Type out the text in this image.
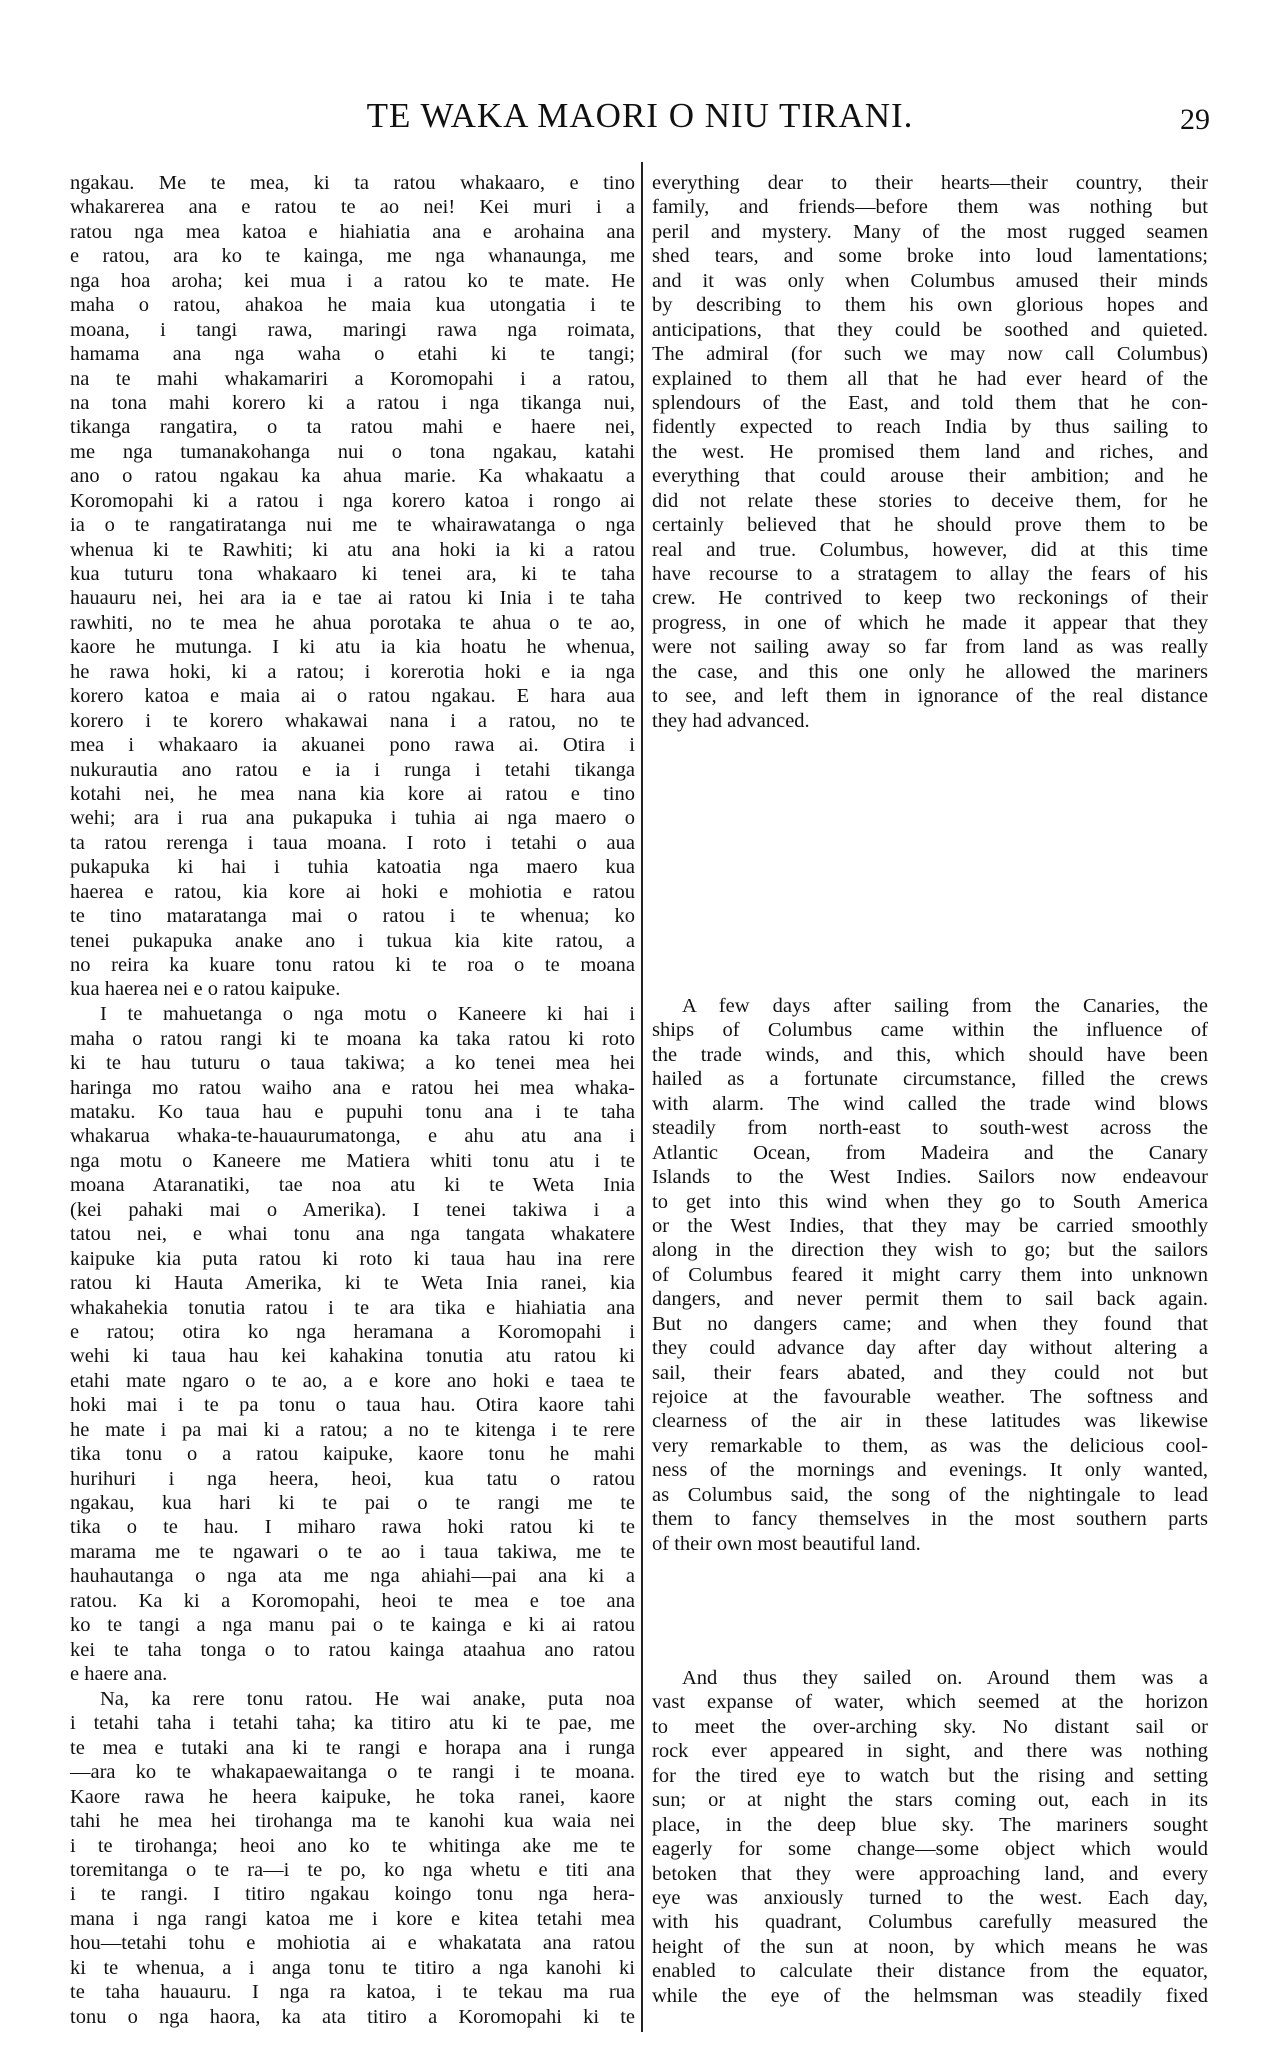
TE WAKA MAORI O NIU TIRANI.	29
ngakau. Me te mea, ki ta ratou whakaaro, e tino
whakarerea ana e ratou te ao nei! Kei muri i a
ratou nga mea katoa e hiahiatia ana e arohaina ana
e ratou, ara ko te kainga, me nga whanaunga, me
nga hoa aroha; kei mua i a ratou ko te mate. He
maha o ratou, ahakoa he maia kua utongatia i te
moana, i tangi rawa, maringi rawa nga roimata,
hamama ana nga waha o etahi ki te tangi;
na te mahi whakamariri a Koromopahi i a ratou,
na tona mahi korero ki a ratou i nga tikanga nui,
tikanga rangatira, o ta ratou mahi e haere nei,
me nga tumanakohanga nui o tona ngakau, katahi
ano o ratou ngakau ka ahua marie. Ka whakaatu a
Koromopahi ki a ratou i nga korero katoa i rongo ai
ia o te rangatiratanga nui me te whairawatanga o nga
whenua ki te Rawhiti; ki atu ana hoki ia ki a ratou
kua tuturu tona whakaaro ki tenei ara, ki te taha
hauauru nei, hei ara ia e tae ai ratou ki Inia i te taha
rawhiti, no te mea he ahua porotaka te ahua o te ao,
kaore he mutunga. I ki atu ia kia hoatu he whenua,
he rawa hoki, ki a ratou; i korerotia hoki e ia nga
korero katoa e maia ai o ratou ngakau. E hara aua
korero i te korero whakawai nana i a ratou, no te
mea i whakaaro ia akuanei pono rawa ai. Otira i
nukurautia ano ratou e ia i runga i tetahi tikanga
kotahi nei, he mea nana kia kore ai ratou e tino
wehi; ara i rua ana pukapuka i tuhia ai nga maero o
ta ratou rerenga i taua moana. I roto i tetahi o aua
pukapuka ki hai i tuhia katoatia nga maero kua
haerea e ratou, kia kore ai hoki e mohiotia e ratou
te tino mataratanga mai o ratou i te whenua; ko
tenei pukapuka anake ano i tukua kia kite ratou, a
no reira ka kuare tonu ratou ki te roa o te moana
kua haerea nei e o ratou kaipuke.
I te mahuetanga o nga motu o Kaneere ki hai i
maha o ratou rangi ki te moana ka taka ratou ki roto
ki te hau tuturu o taua takiwa; a ko tenei mea hei
haringa mo ratou waiho ana e ratou hei mea whaka-
mataku. Ko taua hau e pupuhi tonu ana i te taha
whakarua whaka-te-hauaurumatonga, e ahu atu ana i
nga motu o Kaneere me Matiera whiti tonu atu i te
moana Ataranatiki, tae noa atu ki te Weta Inia
(kei pahaki mai o Amerika). I tenei takiwa i a
tatou nei, e whai tonu ana nga tangata whakatere
kaipuke kia puta ratou ki roto ki taua hau ina rere
ratou ki Hauta Amerika, ki te Weta Inia ranei, kia
whakahekia tonutia ratou i te ara tika e hiahiatia ana
e ratou; otira ko nga heramana a Koromopahi i
wehi ki taua hau kei kahakina tonutia atu ratou ki
etahi mate ngaro o te ao, a e kore ano hoki e taea te
hoki mai i te pa tonu o taua hau. Otira kaore tahi
he mate i pa mai ki a ratou; a no te kitenga i te rere
tika tonu o a ratou kaipuke, kaore tonu he mahi
hurihuri i nga heera, heoi, kua tatu o ratou
ngakau, kua hari ki te pai o te rangi me te
tika o te hau. I miharo rawa hoki ratou ki te
marama me te ngawari o te ao i taua takiwa, me te
hauhautanga o nga ata me nga ahiahi—pai ana ki a
ratou. Ka ki a Koromopahi, heoi te mea e toe ana
ko te tangi a nga manu pai o te kainga e ki ai ratou
kei te taha tonga o to ratou kainga ataahua ano ratou
e haere ana.
Na, ka rere tonu ratou. He wai anake, puta noa
i tetahi taha i tetahi taha; ka titiro atu ki te pae, me
te mea e tutaki ana ki te rangi e horapa ana i runga
—ara ko te whakapaewaitanga o te rangi i te moana.
Kaore rawa he heera kaipuke, he toka ranei, kaore
tahi he mea hei tirohanga ma te kanohi kua waia nei
i te tirohanga; heoi ano ko te whitinga ake me te
toremitanga o te ra—i te po, ko nga whetu e titi ana
i te rangi. I titiro ngakau koingo tonu nga hera-
mana i nga rangi katoa me i kore e kitea tetahi mea
hou—tetahi tohu e mohiotia ai e whakatata ana ratou
ki te whenua, a i anga tonu te titiro a nga kanohi ki
te taha hauauru. I nga ra katoa, i te tekau ma rua
tonu o nga haora, ka ata titiro a Koromopahi ki te
everything dear to their hearts—their country, their
family, and friends—before them was nothing but
peril and mystery. Many of the most rugged seamen
shed tears, and some broke into loud lamentations;
and it was only when Columbus amused their minds
by describing to them his own glorious hopes and
anticipations, that they could be soothed and quieted.
The admiral (for such we may now call Columbus)
explained to them all that he had ever heard of the
splendours of the East, and told them that he con-
fidently expected to reach India by thus sailing to
the west. He promised them land and riches, and
everything that could arouse their ambition; and he
did not relate these stories to deceive them, for he
certainly believed that he should prove them to be
real and true. Columbus, however, did at this time
have recourse to a stratagem to allay the fears of his
crew. He contrived to keep two reckonings of their
progress, in one of which he made it appear that they
were not sailing away so far from land as was really
the case, and this one only he allowed the mariners
to see, and left them in ignorance of the real distance
they had advanced.
A few days after sailing from the Canaries, the
ships of Columbus came within the influence of
the trade winds, and this, which should have been
hailed as a fortunate circumstance, filled the crews
with alarm. The wind called the trade wind blows
steadily from north-east to south-west across the
Atlantic Ocean, from Madeira and the Canary
Islands to the West Indies. Sailors now endeavour
to get into this wind when they go to South America
or the West Indies, that they may be carried smoothly
along in the direction they wish to go; but the sailors
of Columbus feared it might carry them into unknown
dangers, and never permit them to sail back again.
But no dangers came; and when they found that
they could advance day after day without altering a
sail, their fears abated, and they could not but
rejoice at the favourable weather. The softness and
clearness of the air in these latitudes was likewise
very remarkable to them, as was the delicious cool-
ness of the mornings and evenings. It only wanted,
as Columbus said, the song of the nightingale to lead
them to fancy themselves in the most southern parts
of their own most beautiful land.
And thus they sailed on. Around them was a
vast expanse of water, which seemed at the horizon
to meet the over-arching sky. No distant sail or
rock ever appeared in sight, and there was nothing
for the tired eye to watch but the rising and setting
sun; or at night the stars coming out, each in its
place, in the deep blue sky. The mariners sought
eagerly for some change—some object which would
betoken that they were approaching land, and every
eye was anxiously turned to the west. Each day,
with his quadrant, Columbus carefully measured the
height of the sun at noon, by which means he was
enabled to calculate their distance from the equator,
while the eye of the helmsman was steadily fixed
